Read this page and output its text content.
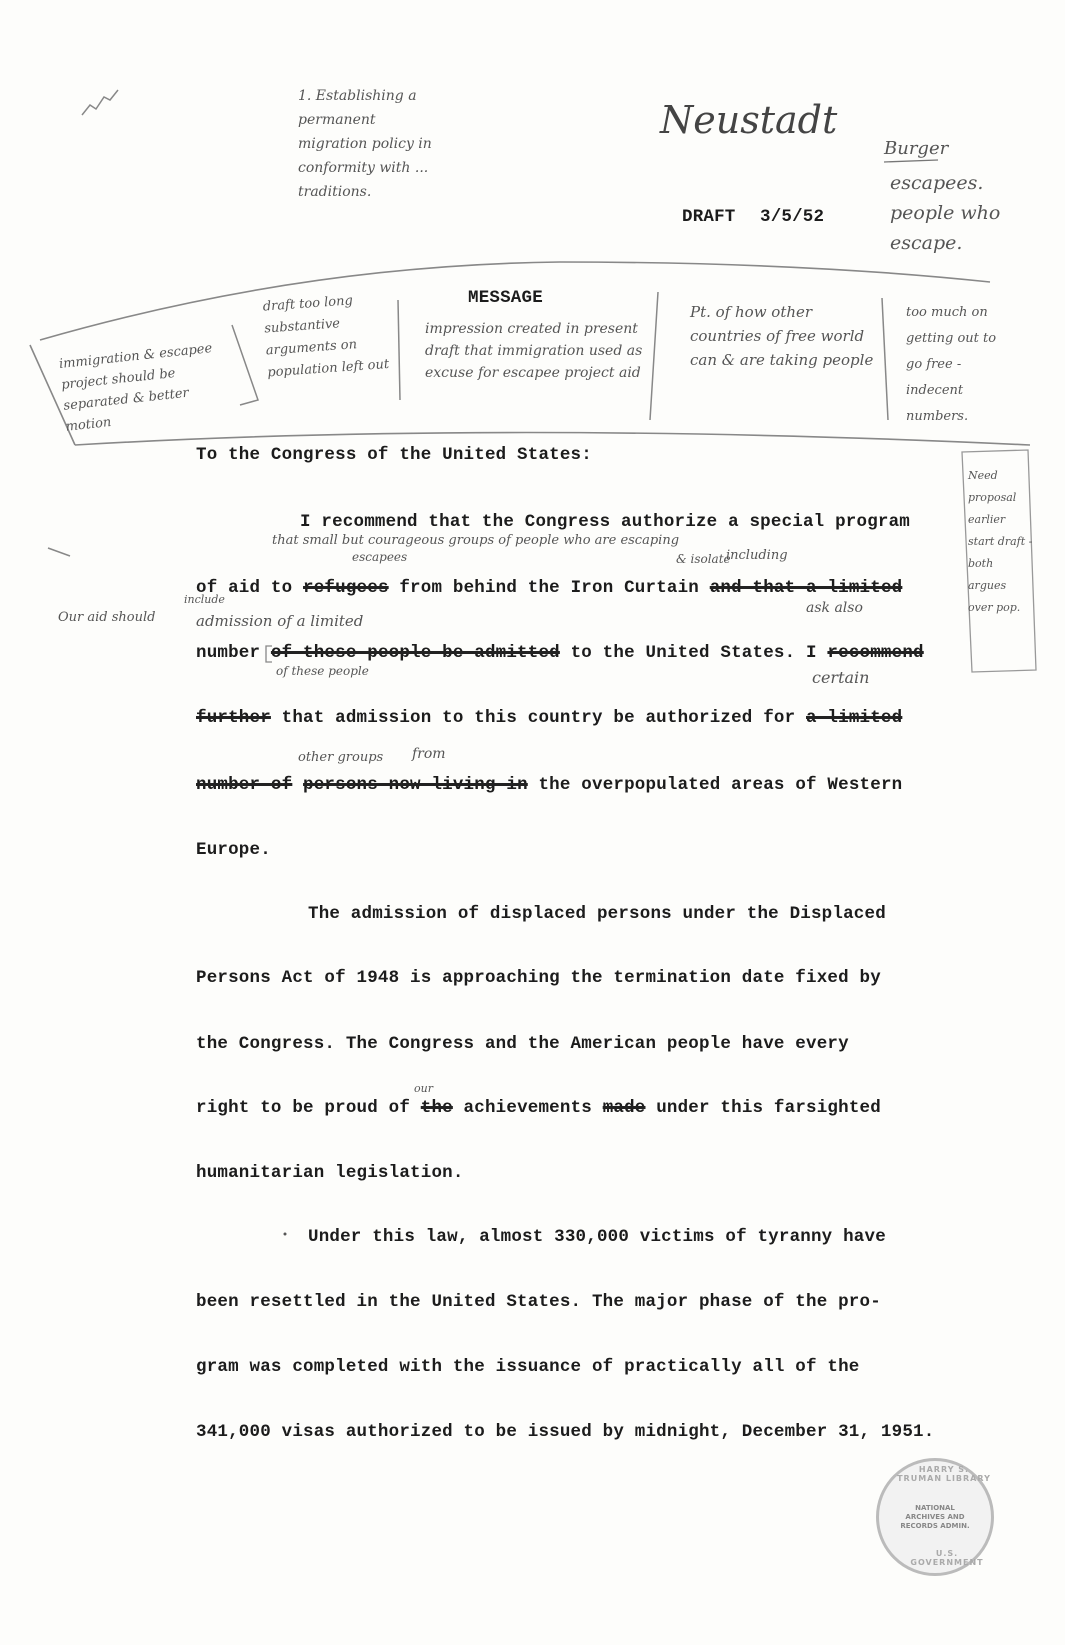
1. Establishing a permanent migration policy in conformity with ... traditions.
Neustadt
Burger
escapees. people who escape.
DRAFT 3/5/52
MESSAGE
immigration & escapee project should be separated & better motion
draft too long substantive arguments on population left out
impression created in present draft that immigration used as excuse for escapee project aid
Pt. of how other countries of free world can & are taking people
too much on getting out to go free - indecent numbers.
Need proposal earlier start draft - both argues over pop.
To the Congress of the United States:
I recommend that the Congress authorize a special program
that small but courageous groups of people who are escaping
escapees	including
& isolate
of aid to refugees from behind the Iron Curtain and that a limited
Our aid should
include
admission of a limited
ask also
number of these people be admitted to the United States. I recommend
of these people	certain
further that admission to this country be authorized for a limited
other groups from
number of persons now living in the overpopulated areas of Western
Europe.
The admission of displaced persons under the Displaced
Persons Act of 1948 is approaching the termination date fixed by
the Congress. The Congress and the American people have every
our
right to be proud of the achievements made under this farsighted
humanitarian legislation.
Under this law, almost 330,000 victims of tyranny have
been resettled in the United States. The major phase of the pro-
gram was completed with the issuance of practically all of the
341,000 visas authorized to be issued by midnight, December 31, 1951.
NATIONAL ARCHIVES AND RECORDS ADMIN.
HARRY S. TRUMAN LIBRARY
U.S. GOVERNMENT
